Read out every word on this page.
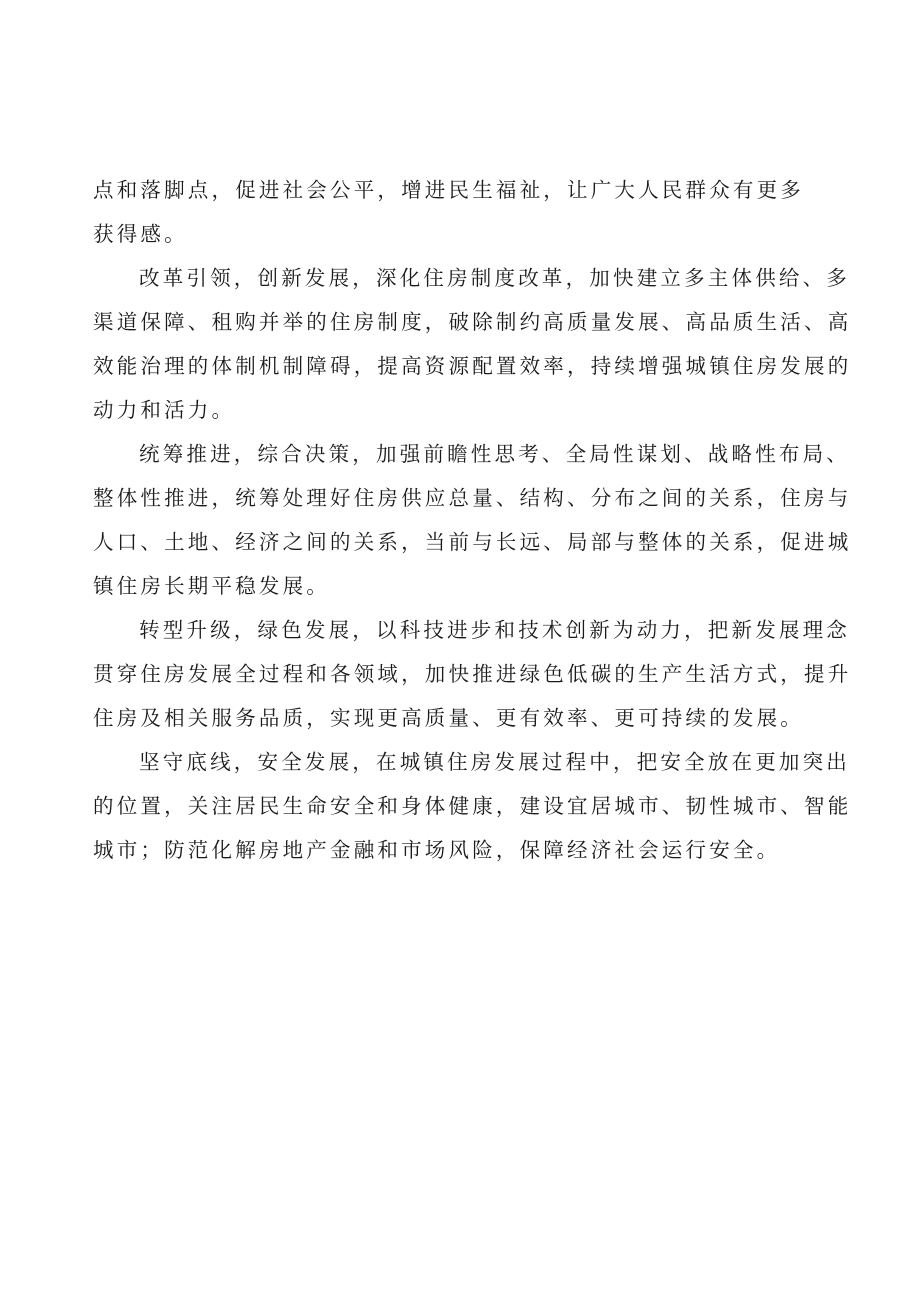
点和落脚点，促进社会公平，增进民生福祉，让广大人民群众有更多
获得感。
改革引领，创新发展，深化住房制度改革，加快建立多主体供给、多
渠道保障、租购并举的住房制度，破除制约高质量发展、高品质生活、高
效能治理的体制机制障碍，提高资源配置效率，持续增强城镇住房发展的
动力和活力。
统筹推进，综合决策，加强前瞻性思考、全局性谋划、战略性布局、
整体性推进，统筹处理好住房供应总量、结构、分布之间的关系，住房与
人口、土地、经济之间的关系，当前与长远、局部与整体的关系，促进城
镇住房长期平稳发展。
转型升级，绿色发展，以科技进步和技术创新为动力，把新发展理念
贯穿住房发展全过程和各领域，加快推进绿色低碳的生产生活方式，提升
住房及相关服务品质，实现更高质量、更有效率、更可持续的发展。
坚守底线，安全发展，在城镇住房发展过程中，把安全放在更加突出
的位置，关注居民生命安全和身体健康，建设宜居城市、韧性城市、智能
城市；防范化解房地产金融和市场风险，保障经济社会运行安全。
